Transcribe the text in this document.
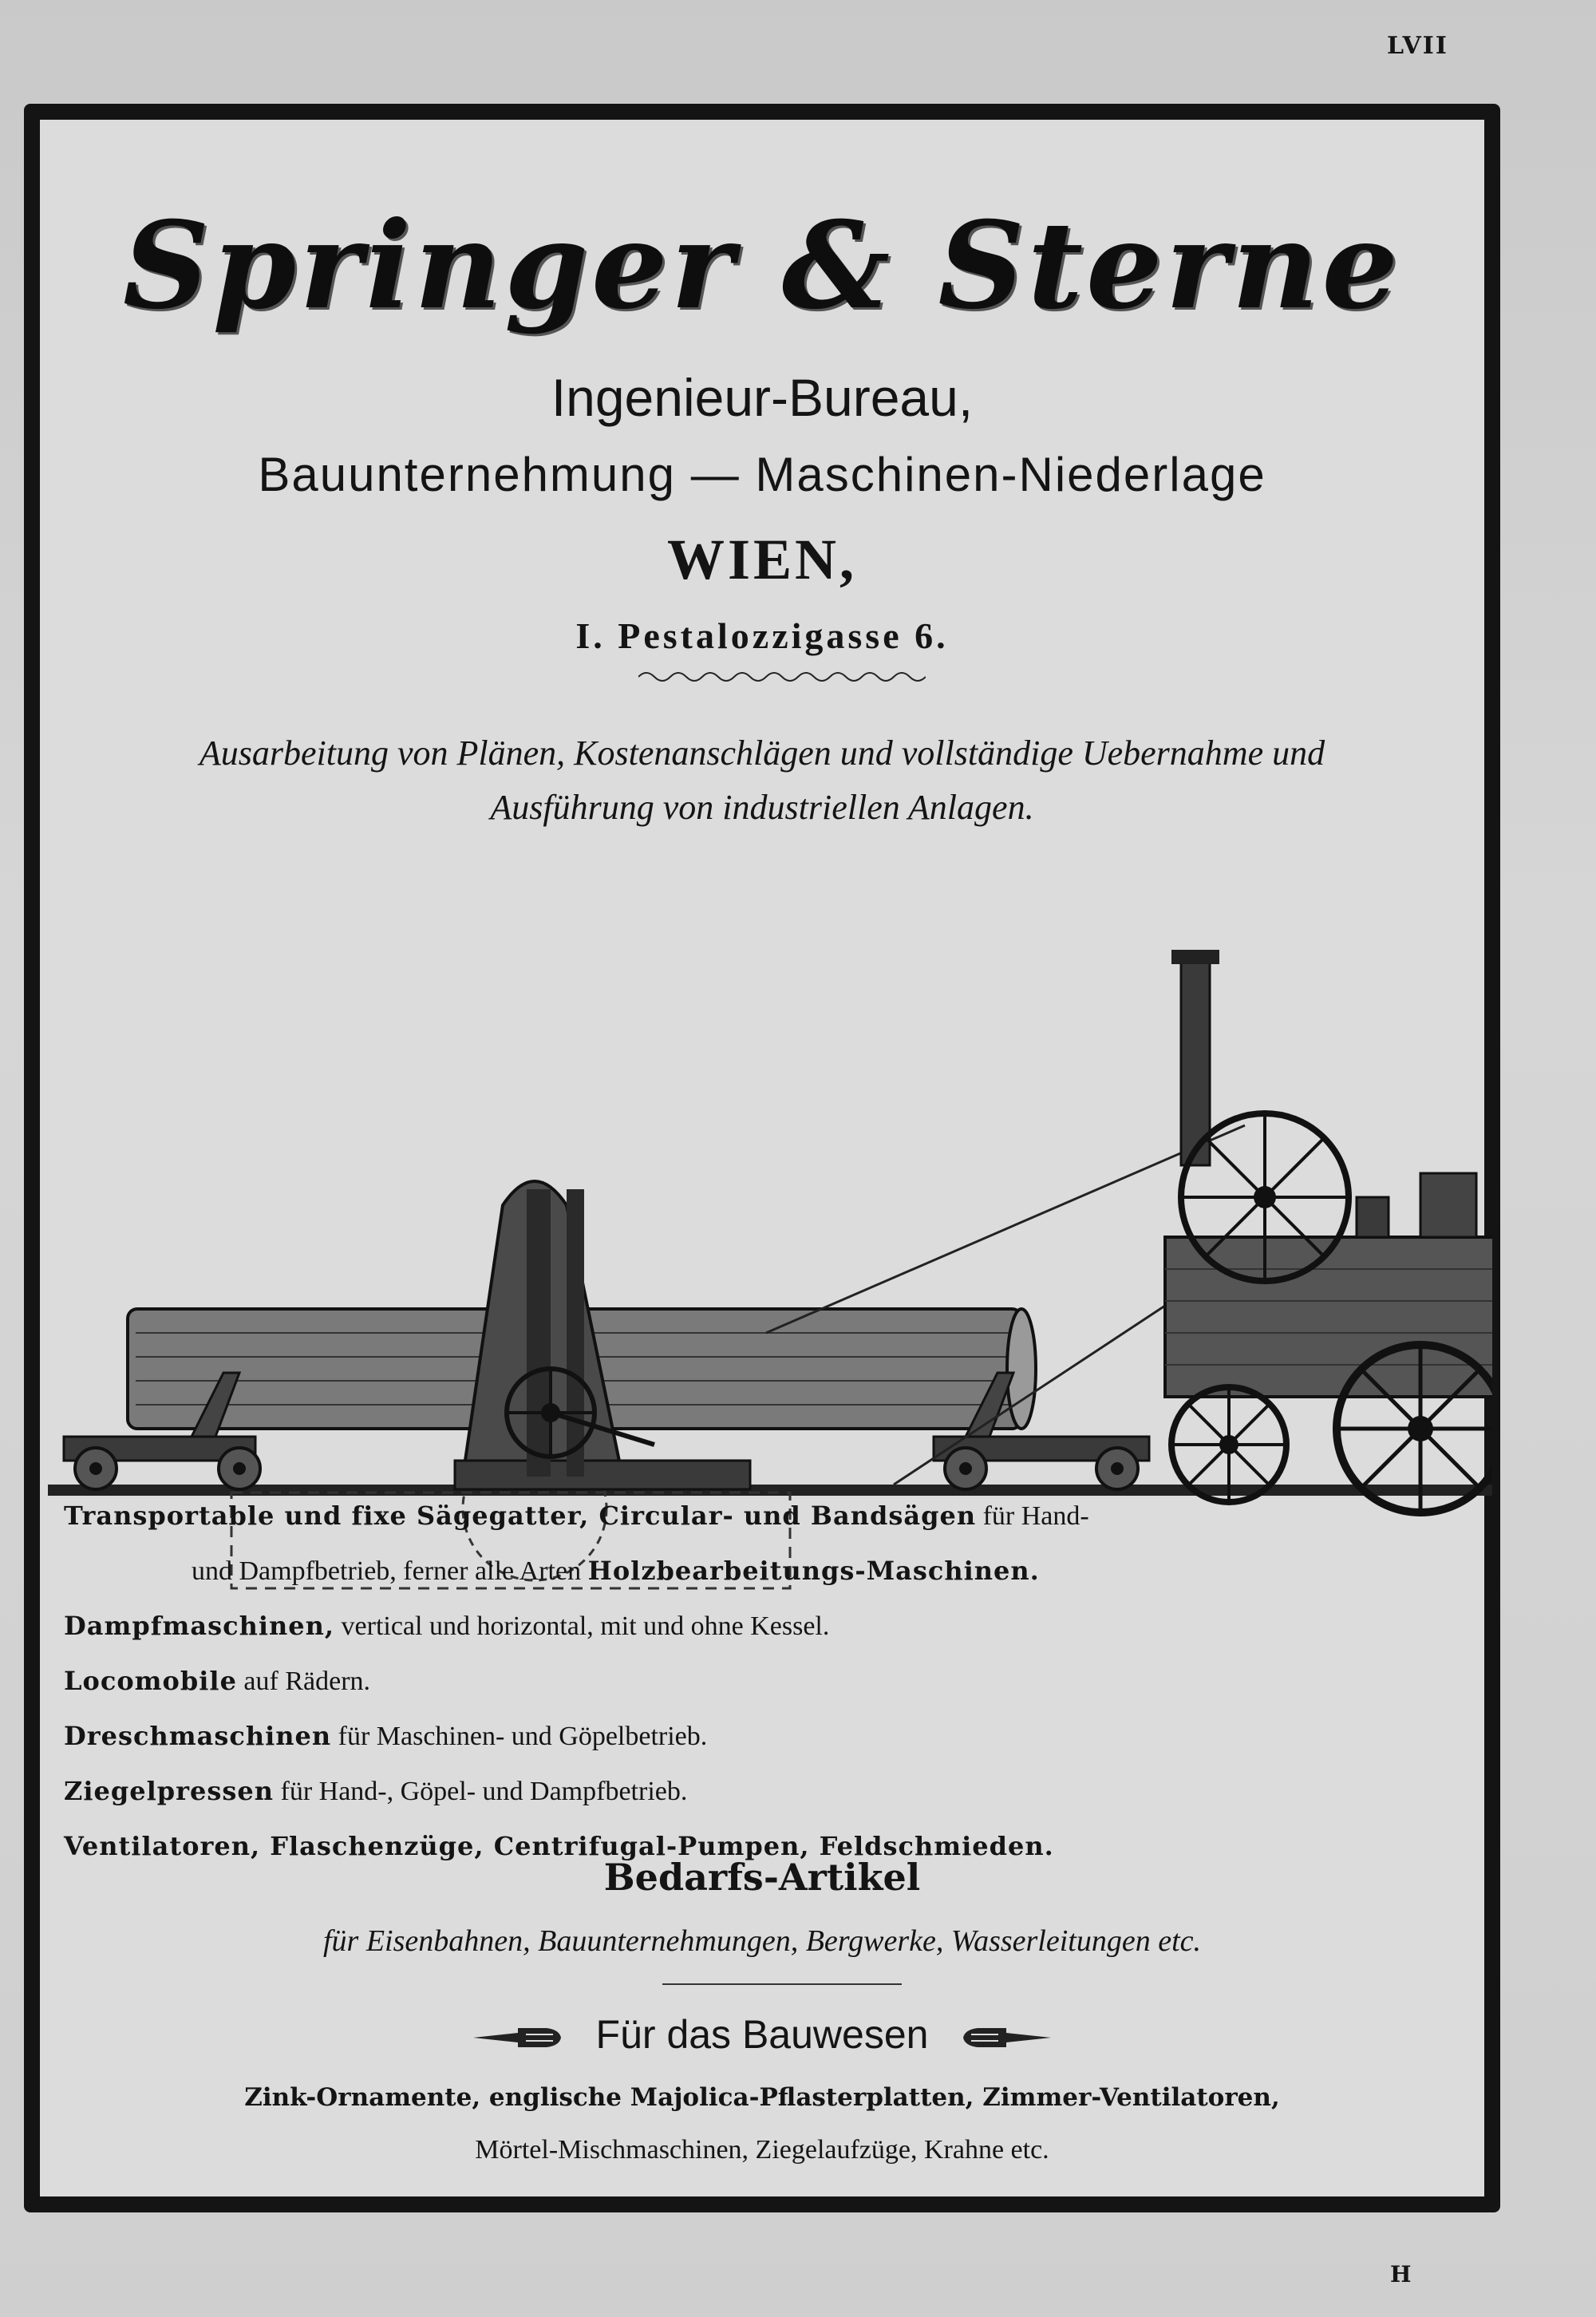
LVII
Springer & Sterne
Ingenieur-Bureau,
Bauunternehmung — Maschinen-Niederlage
WIEN,
I. Pestalozzigasse 6.
Ausarbeitung von Plänen, Kostenanschlägen und vollständige Uebernahme und
Ausführung von industriellen Anlagen.
Transportable und fixe Sägegatter, Circular- und Bandsägen für Hand-
und Dampfbetrieb, ferner alle Arten Holzbearbeitungs-Maschinen.
Dampfmaschinen, vertical und horizontal, mit und ohne Kessel.
Locomobile auf Rädern.
Dreschmaschinen für Maschinen- und Göpelbetrieb.
Ziegelpressen für Hand-, Göpel- und Dampfbetrieb.
Ventilatoren, Flaschenzüge, Centrifugal-Pumpen, Feldschmieden.
Bedarfs-Artikel
für Eisenbahnen, Bauunternehmungen, Bergwerke, Wasserleitungen etc.
Für das Bauwesen
Zink-Ornamente, englische Majolica-Pflasterplatten, Zimmer-Ventilatoren,
Mörtel-Mischmaschinen, Ziegelaufzüge, Krahne etc.
H
